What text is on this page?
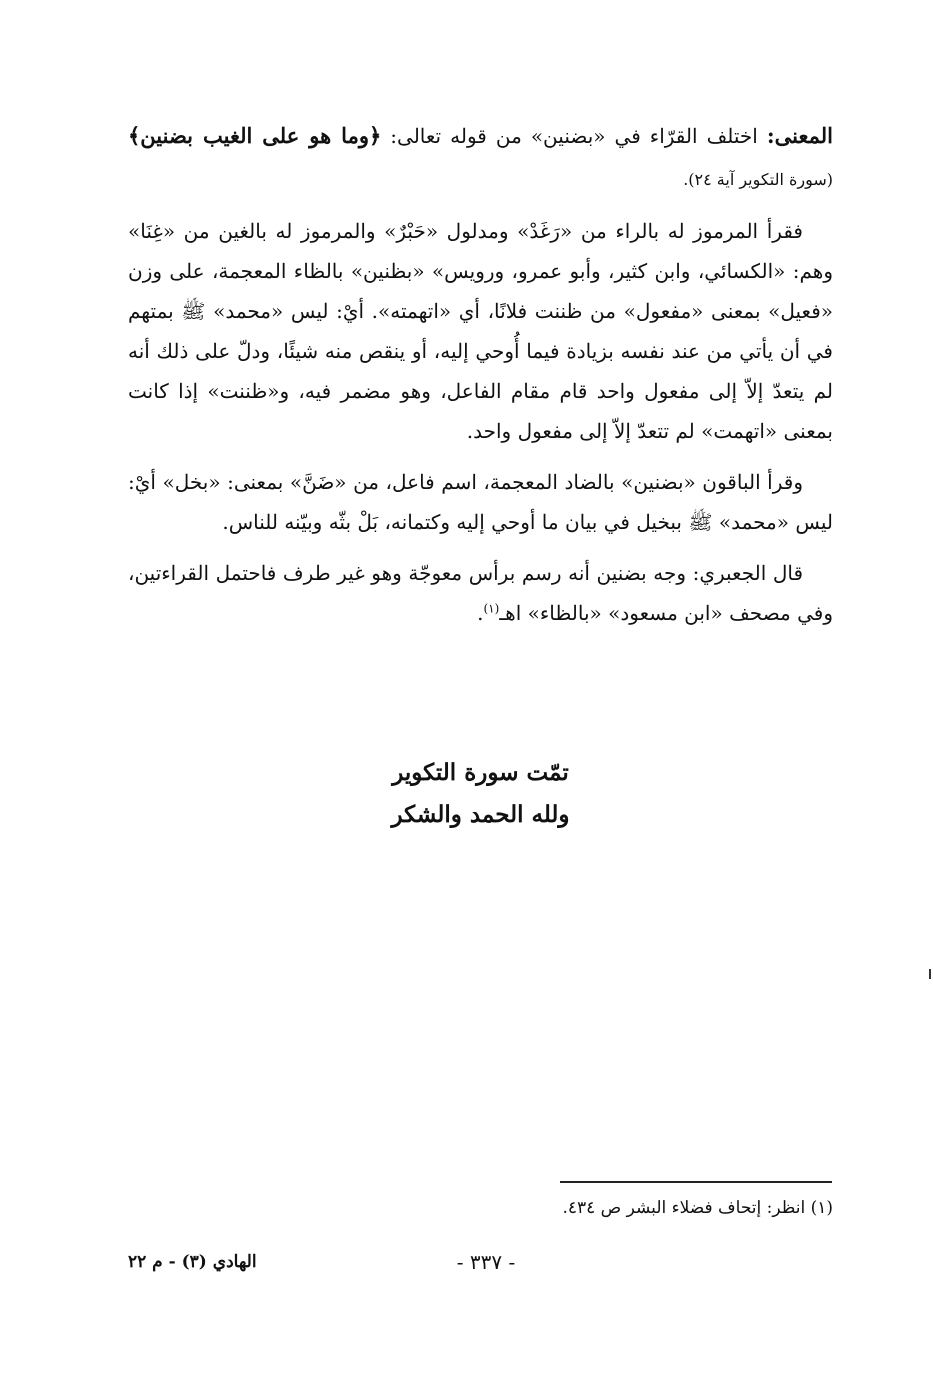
المعنى: اختلف القرّاء في «بضنين» من قوله تعالى: ﴿وما هو على الغيب بضنين﴾ (سورة التكوير آية ٢٤).

فقرأ المرموز له بالراء من «رَغَدْ» ومدلول «حَبْرٌ» والمرموز له بالغين من «غِنَا» وهم: «الكسائي، وابن كثير، وأبو عمرو، ورويس» «بظنين» بالظاء المعجمة، على وزن «فعيل» بمعنى «مفعول» من ظننت فلانًا، أي «اتهمته». أيْ: ليس «محمد» ﷺ بمتهم في أن يأتي من عند نفسه بزيادة فيما أُوحي إليه، أو ينقص منه شيئًا، ودلّ على ذلك أنه لم يتعدّ إلاّ إلى مفعول واحد قام مقام الفاعل، وهو مضمر فيه، و«ظننت» إذا كانت بمعنى «اتهمت» لم تتعدّ إلاّ إلى مفعول واحد.

وقرأ الباقون «بضنين» بالضاد المعجمة، اسم فاعل، من «ضَنَّ» بمعنى: «بخل» أيْ: ليس «محمد» ﷺ ببخيل في بيان ما أوحي إليه وكتمانه، بَلْ بثّه وبيّنه للناس.

قال الجعبري: وجه بضنين أنه رسم برأس معوجّة وهو غير طرف فاحتمل القراءتين، وفي مصحف «ابن مسعود» «بالظاء» اهـ$^{(١)}$.

تمّت سورة التكوير
ولله الحمد والشكر
(١) انظر: إتحاف فضلاء البشر ص ٤٣٤.
- ٣٣٧ -
الهادي (٣) - م ٢٢
